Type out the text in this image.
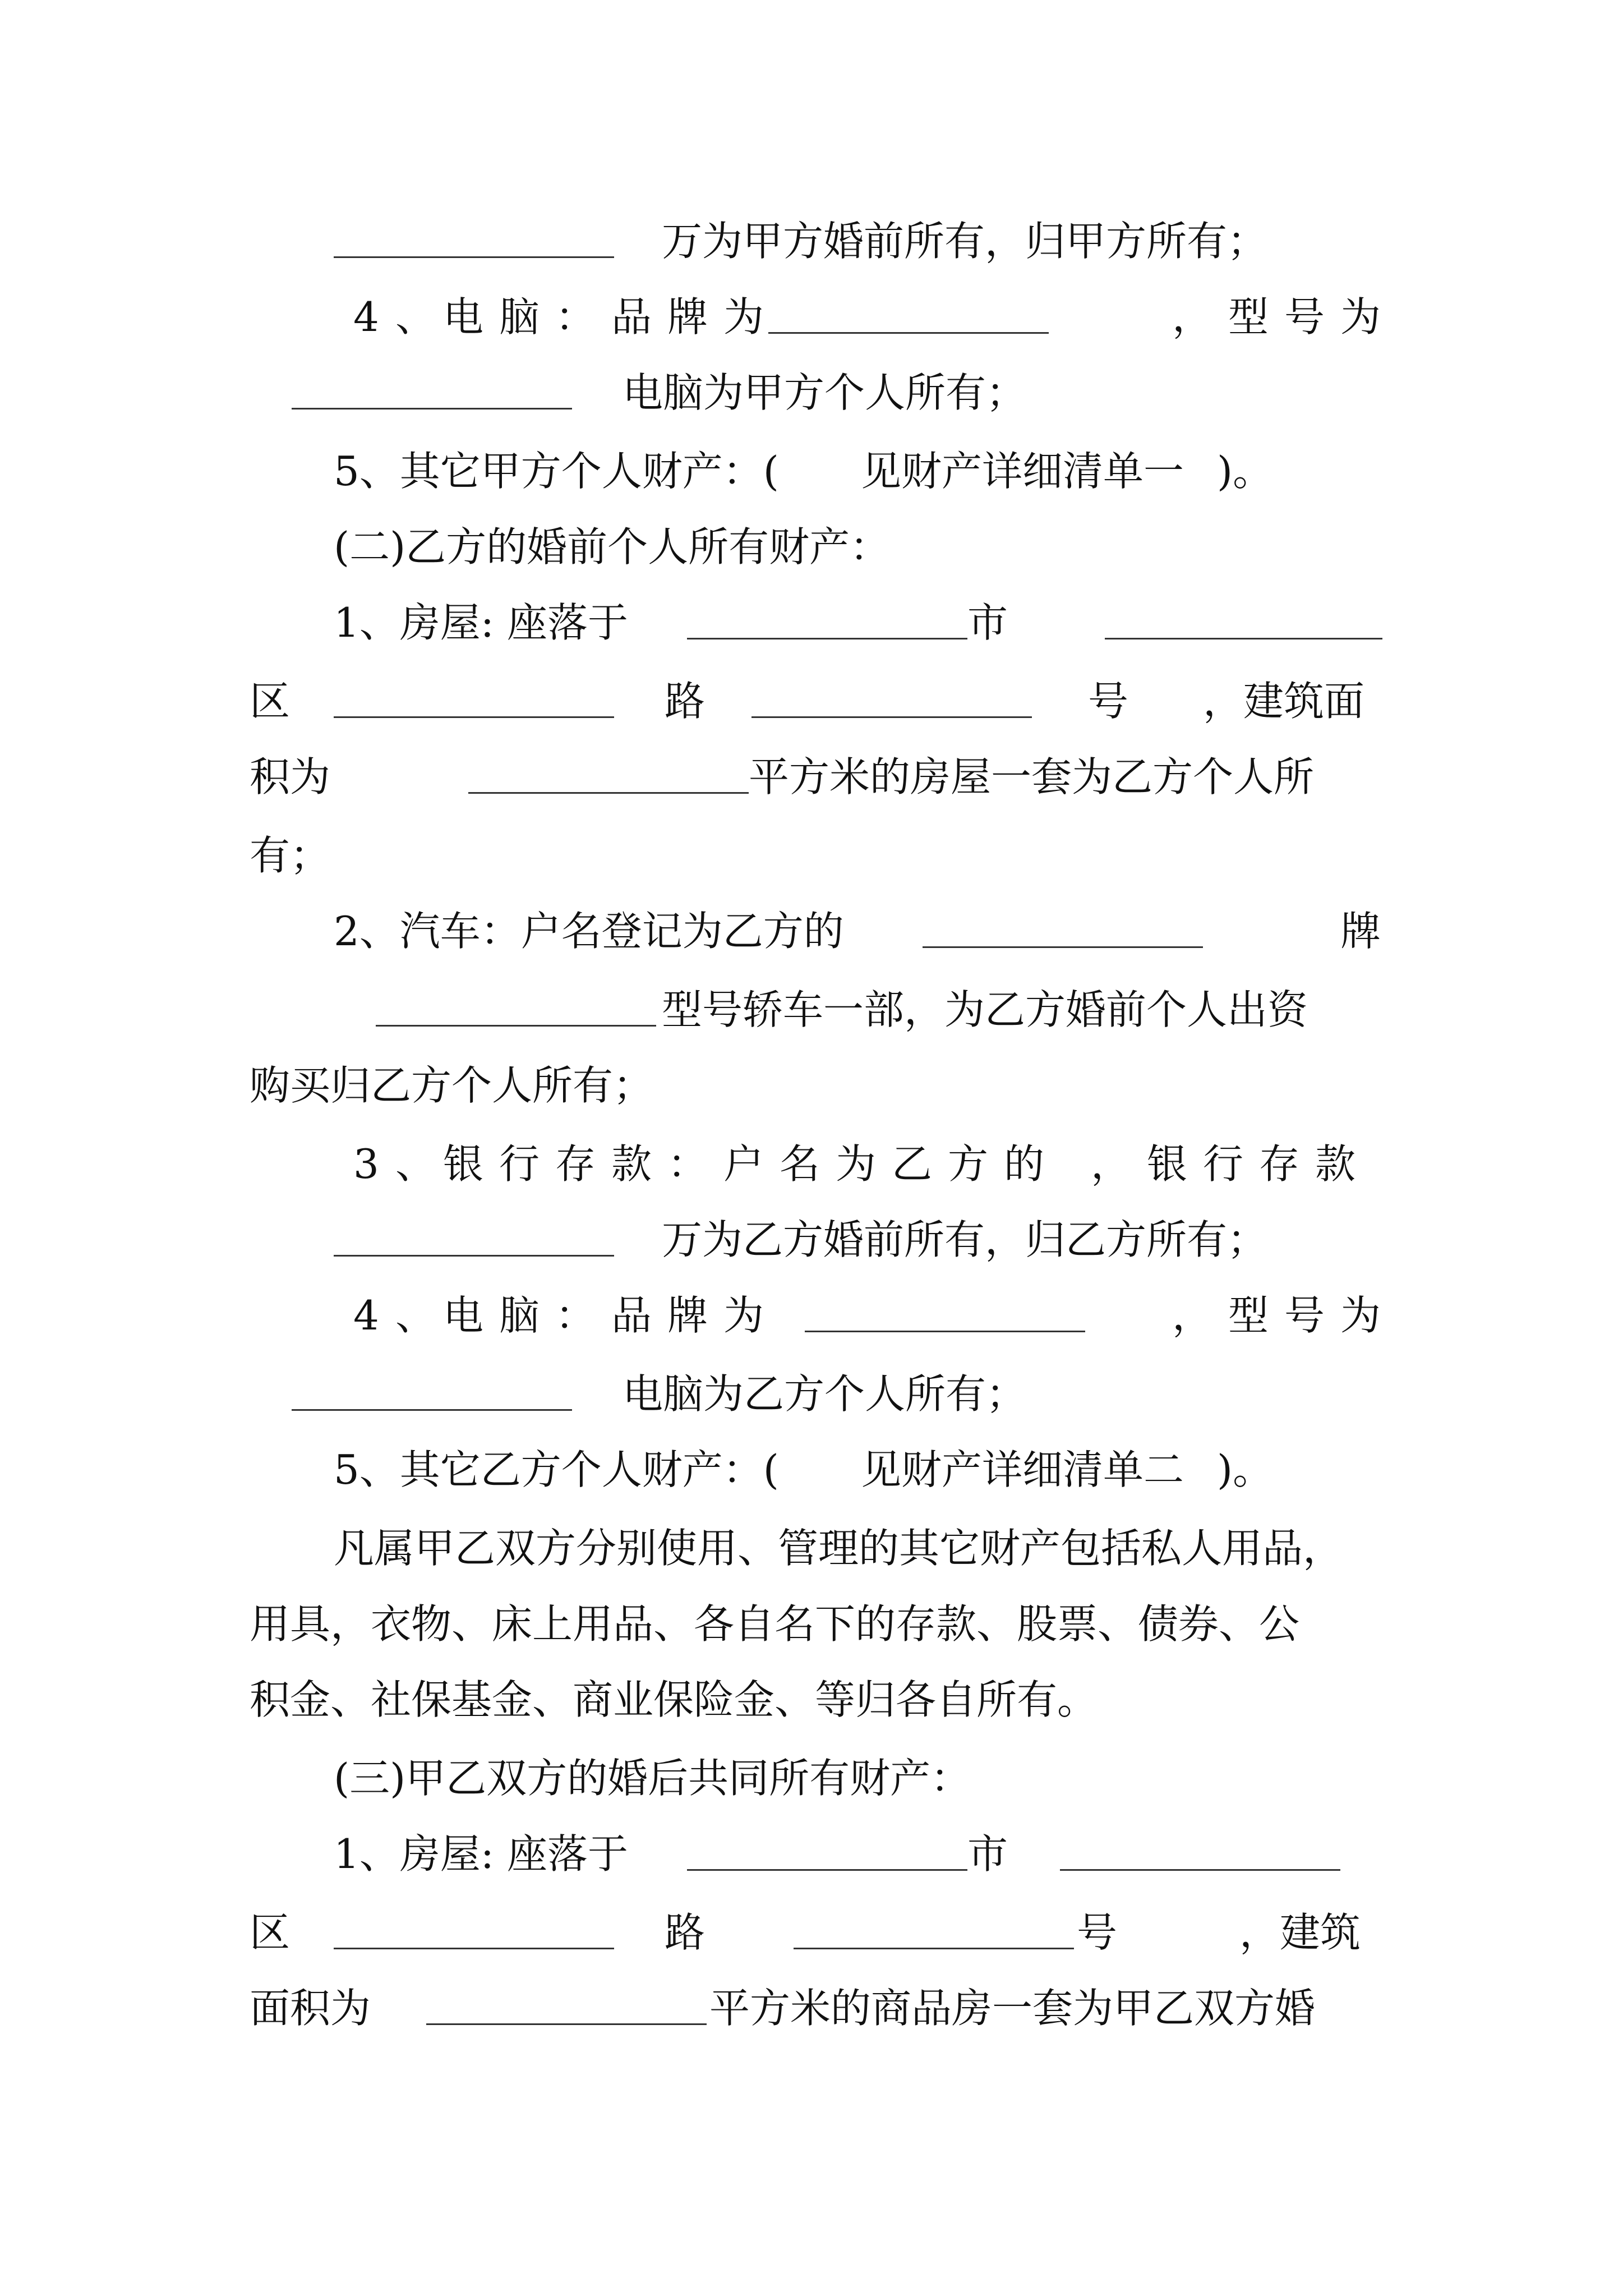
万为甲方婚前所有，归甲方所有；
4 、 电脑：品牌为	，型号为
电脑为甲方个人所有；
5、其它甲方个人财产：( 见财产详细清单一 )。
(二)乙方的婚前个人所有财产：
1、房屋: 座落于	市
区	路	号 ，建筑面
积为	平方米的房屋一套为乙方个人所
有；
2、汽车：户名登记为乙方的	牌
型号轿车一部，为乙方婚前个人出资
购买归乙方个人所有；
3 、 银行存款：户名为乙方的 ，银行存款
万为乙方婚前所有，归乙方所有；
4 、 电脑：品牌为	，型号为
电脑为乙方个人所有；
5、其它乙方个人财产：( 见财产详细清单二 )。
凡属甲乙双方分别使用、管理的其它财产包括私人用品，
用具，衣物、床上用品、各自名下的存款、股票、债券、公
积金、社保基金、商业保险金、等归各自所有。
(三)甲乙双方的婚后共同所有财产：
1、房屋: 座落于	市
区	路	号	，建筑
面积为	平方米的商品房一套为甲乙双方婚
